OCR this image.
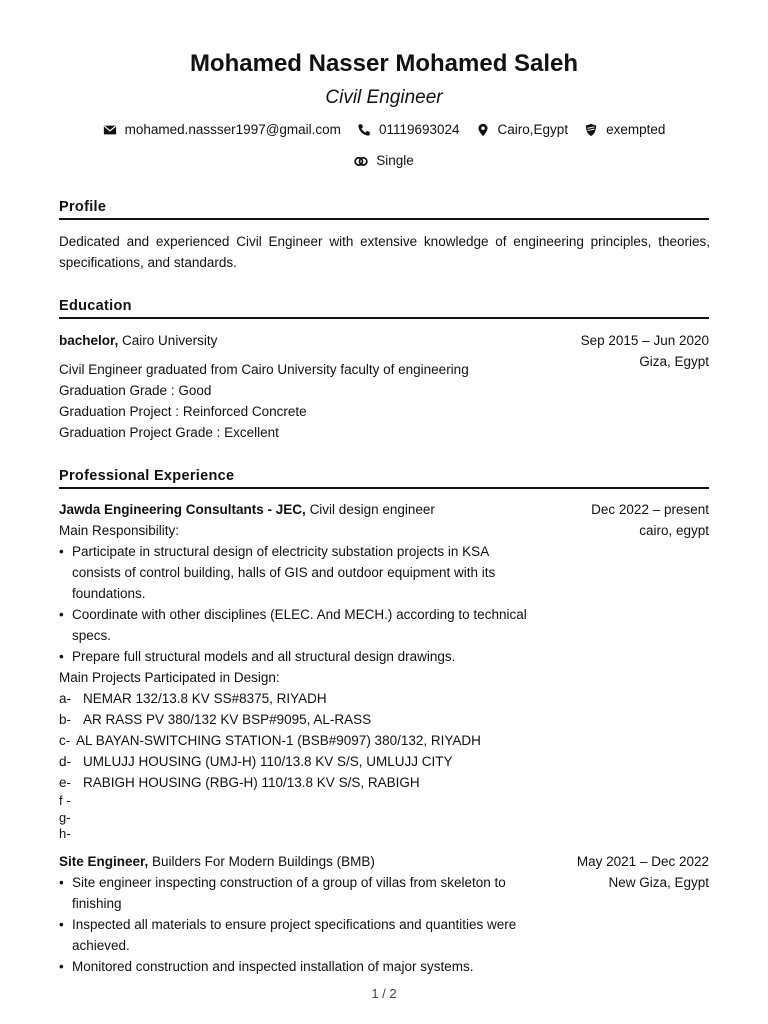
Mohamed Nasser Mohamed Saleh
Civil Engineer
mohamed.nassser1997@gmail.com	01119693024	Cairo,Egypt	exempted
Single
Profile
Dedicated and experienced Civil Engineer with extensive knowledge of engineering principles, theories, specifications, and standards.
Education
bachelor, Cairo University	Sep 2015 – Jun 2020
Giza, Egypt
Civil Engineer graduated from Cairo University faculty of engineering
Graduation Grade : Good
Graduation Project : Reinforced Concrete
Graduation Project Grade : Excellent
Professional Experience
Jawda Engineering Consultants - JEC, Civil design engineer	Dec 2022 – present
cairo, egypt
Main Responsibility:
• Participate in structural design of electricity substation projects in KSA consists of control building, halls of GIS and outdoor equipment with its foundations.
• Coordinate with other disciplines (ELEC. And MECH.) according to technical specs.
• Prepare full structural models and all structural design drawings.
Main Projects Participated in Design:
a- NEMAR 132/13.8 KV SS#8375, RIYADH
b- AR RASS PV 380/132 KV BSP#9095, AL-RASS
c- AL BAYAN-SWITCHING STATION-1 (BSB#9097) 380/132, RIYADH
d- UMLUJJ HOUSING (UMJ-H) 110/13.8 KV S/S, UMLUJJ CITY
e- RABIGH HOUSING (RBG-H) 110/13.8 KV S/S, RABIGH
f -
g-
h-
Site Engineer, Builders For Modern Buildings (BMB)	May 2021 – Dec 2022
New Giza, Egypt
• Site engineer inspecting construction of a group of villas from skeleton to finishing
• Inspected all materials to ensure project specifications and quantities were achieved.
• Monitored construction and inspected installation of major systems.
1 / 2
